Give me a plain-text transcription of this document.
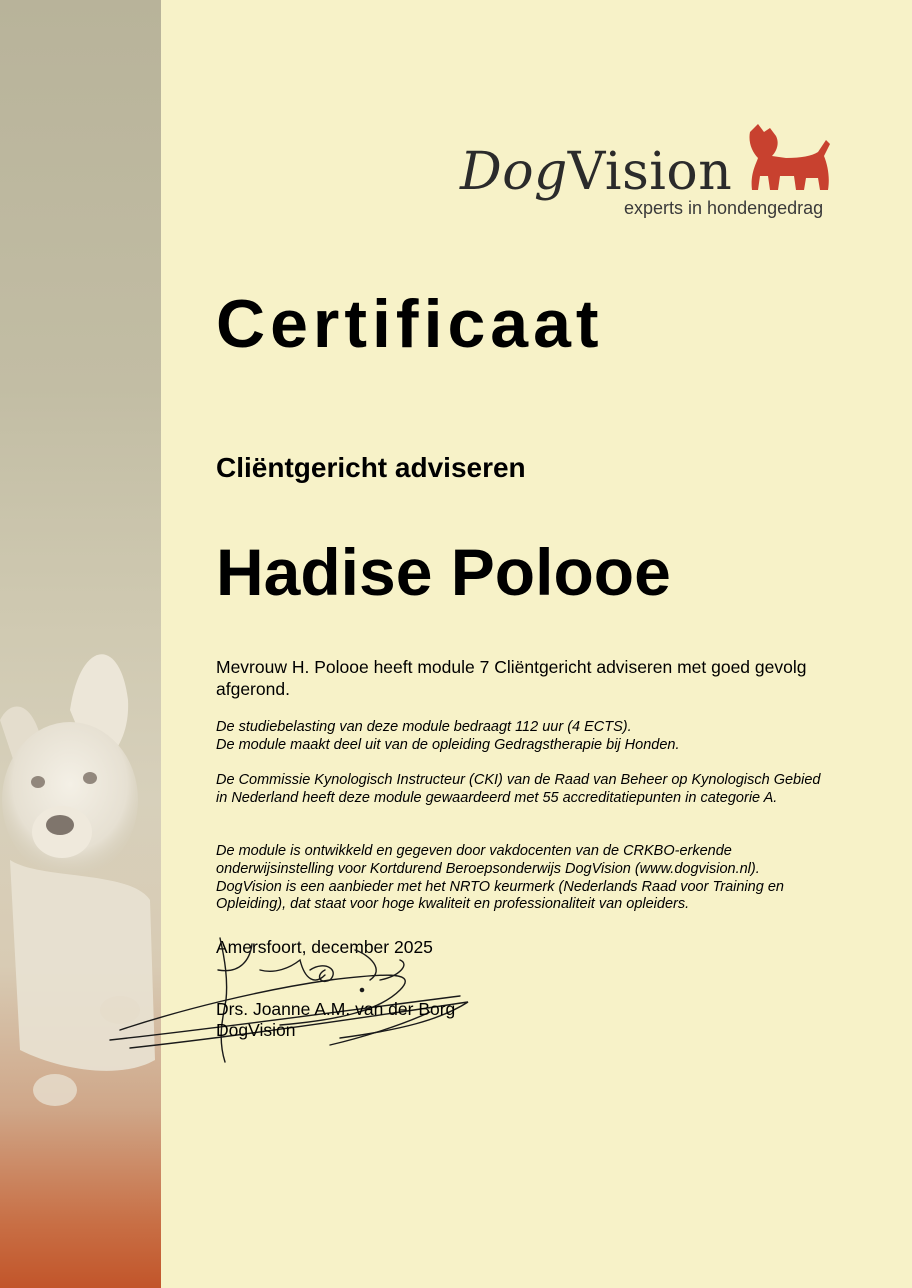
DogVision
experts in hondengedrag
Certificaat
Cliëntgericht adviseren
Hadise Polooe
Mevrouw H. Polooe heeft module 7 Cliëntgericht adviseren met goed gevolg afgerond.
De studiebelasting van deze module bedraagt 112 uur (4 ECTS).
De module maakt deel uit van de opleiding Gedragstherapie bij Honden.
De Commissie Kynologisch Instructeur (CKI) van de Raad van Beheer op Kynologisch Gebied in Nederland heeft deze module gewaardeerd met 55 accreditatiepunten in categorie A.
De module is ontwikkeld en gegeven door vakdocenten van de CRKBO-erkende onderwijsinstelling voor Kortdurend Beroepsonderwijs DogVision (www.dogvision.nl). DogVision is een aanbieder met het NRTO keurmerk (Nederlands Raad voor Training en Opleiding), dat staat voor hoge kwaliteit en professionaliteit van opleiders.
Amersfoort, december 2025
Drs. Joanne A.M. van der Borg
DogVision
